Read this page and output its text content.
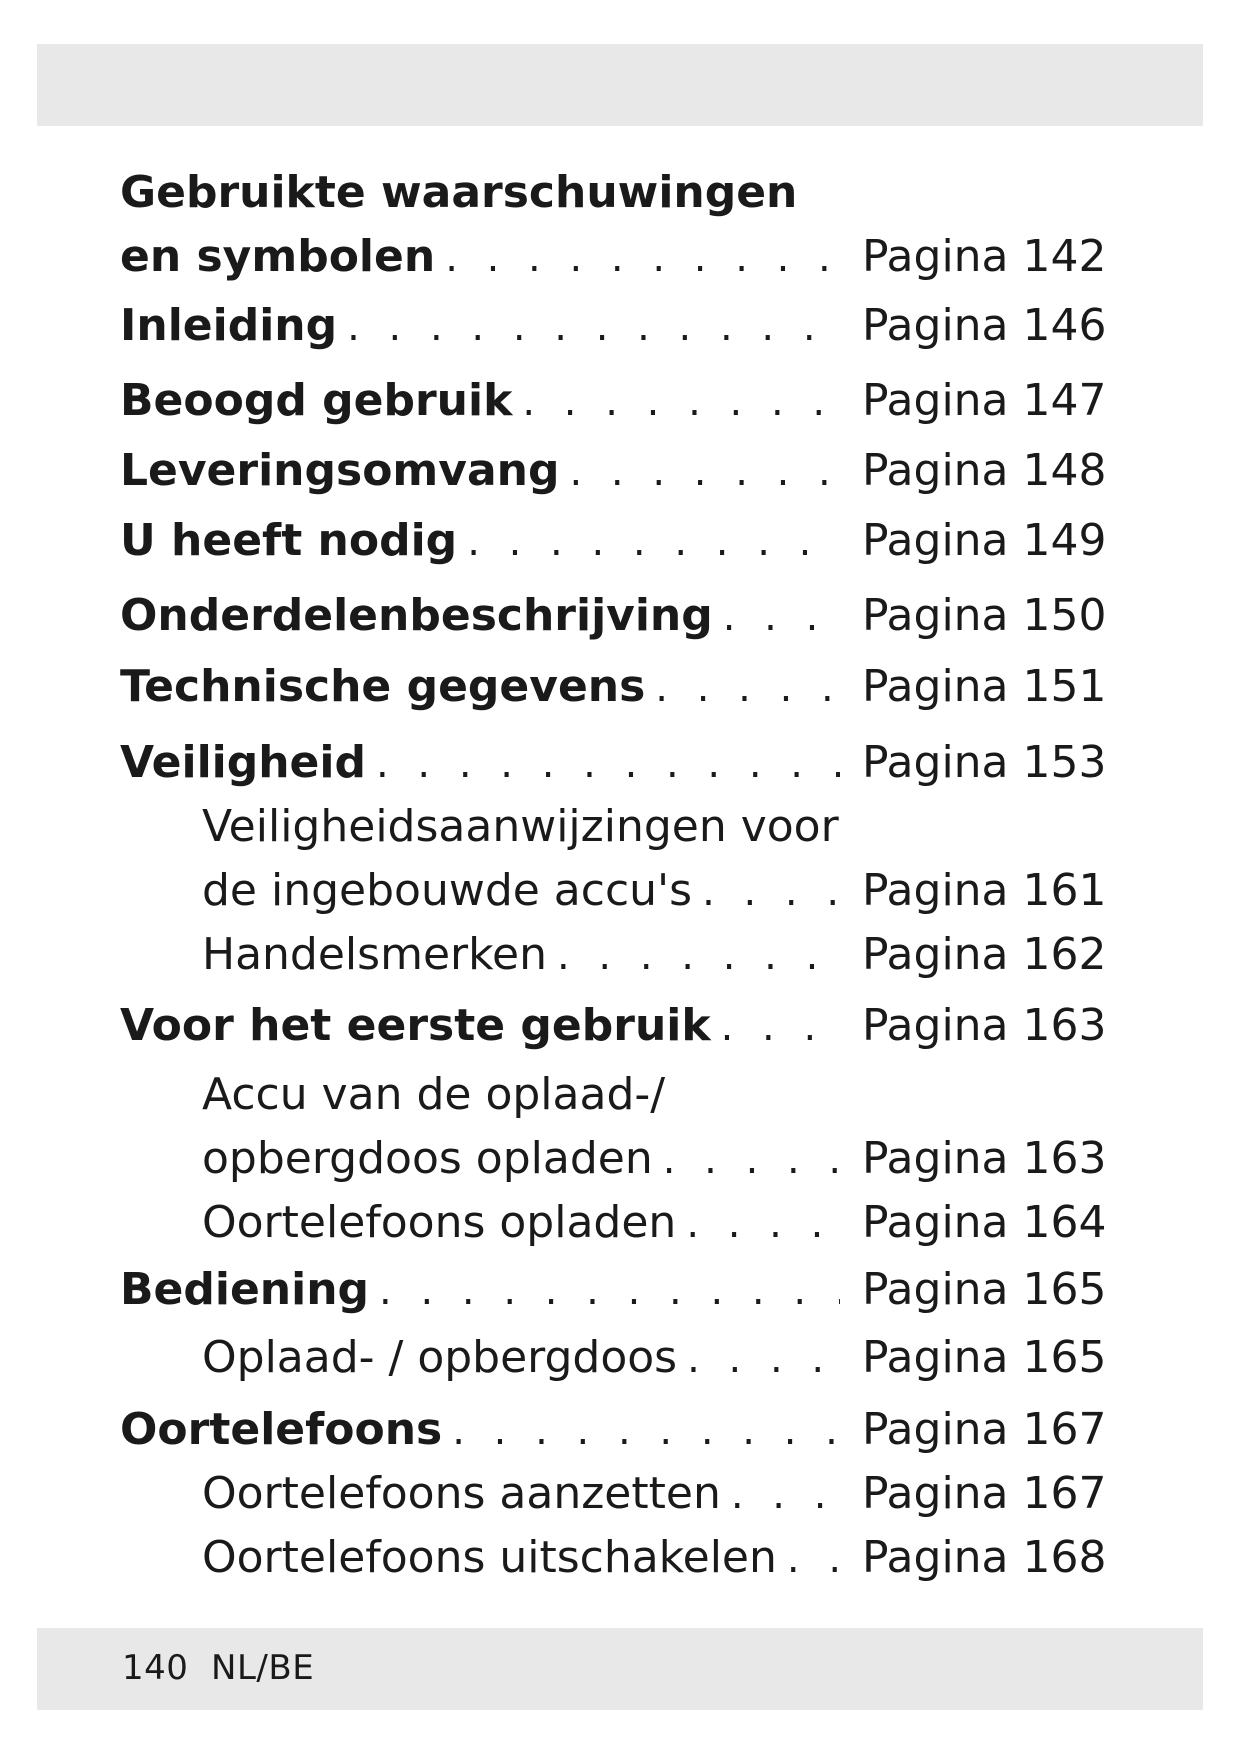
Gebruikte waarschuwingen
en symbolen . . .	Pagina 142
Inleiding . . .	Pagina 146
Beoogd gebruik . . .	Pagina 147
Leveringsomvang . . .	Pagina 148
U heeft nodig . . .	Pagina 149
Onderdelenbeschrijving . . .	Pagina 150
Technische gegevens . . .	Pagina 151
Veiligheid . . .	Pagina 153
Veiligheidsaanwijzingen voor
de ingebouwde accu's . . .	Pagina 161
Handelsmerken . . .	Pagina 162
Voor het eerste gebruik . . .	Pagina 163
Accu van de oplaad-/
opbergdoos opladen . . .	Pagina 163
Oortelefoons opladen . . .	Pagina 164
Bediening . . .	Pagina 165
Oplaad- / opbergdoos . . .	Pagina 165
Oortelefoons . . .	Pagina 167
Oortelefoons aanzetten . . .	Pagina 167
Oortelefoons uitschakelen . . .	Pagina 168
140 NL/BE
